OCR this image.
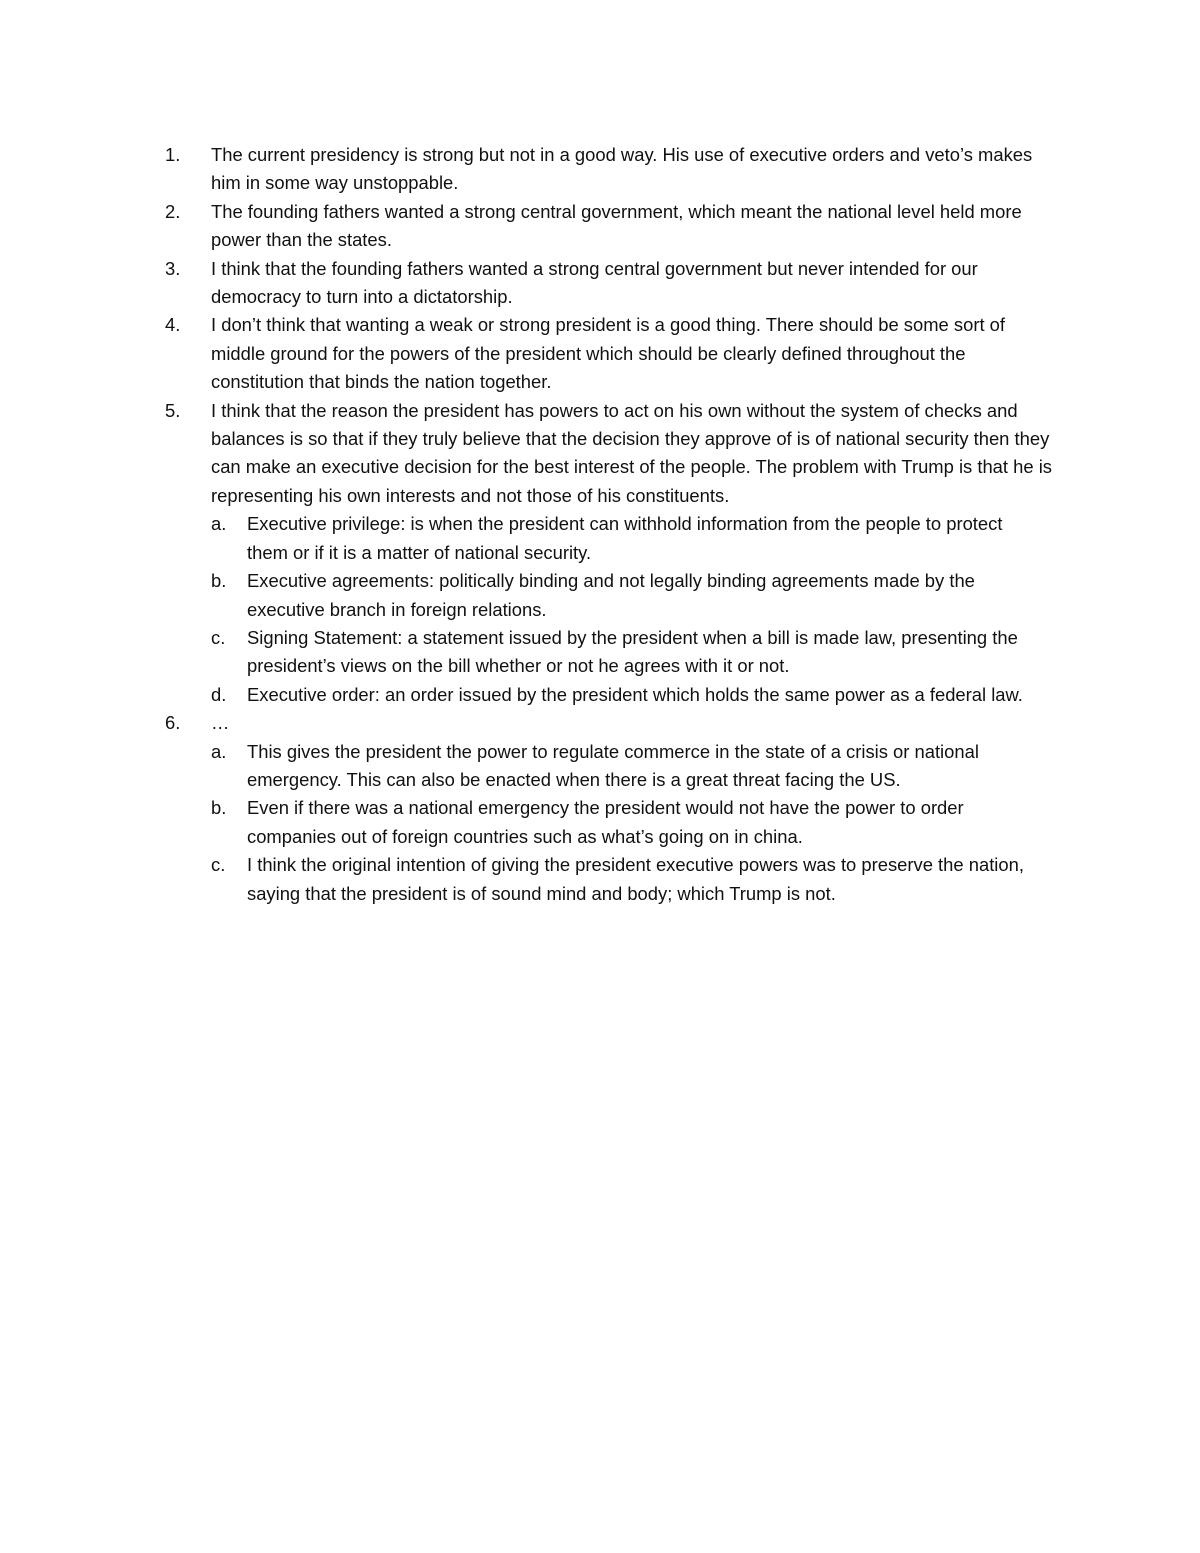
1.	The current presidency is strong but not in a good way. His use of executive orders and veto’s makes him in some way unstoppable.
2.	The founding fathers wanted a strong central government, which meant the national level held more power than the states.
3.	I think that the founding fathers wanted a strong central government but never intended for our democracy to turn into a dictatorship.
4.	I don’t think that wanting a weak or strong president is a good thing. There should be some sort of middle ground for the powers of the president which should be clearly defined throughout the constitution that binds the nation together.
5.	I think that the reason the president has powers to act on his own without the system of checks and balances is so that if they truly believe that the decision they approve of is of national security then they can make an executive decision for the best interest of the people. The problem with Trump is that he is representing his own interests and not those of his constituents.
a.	Executive privilege: is when the president can withhold information from the people to protect them or if it is a matter of national security.
b.	Executive agreements: politically binding and not legally binding agreements made by the executive branch in foreign relations.
c.	Signing Statement: a statement issued by the president when a bill is made law, presenting the president’s views on the bill whether or not he agrees with it or not.
d.	Executive order: an order issued by the president which holds the same power as a federal law.
6.	…
a.	This gives the president the power to regulate commerce in the state of a crisis or national emergency. This can also be enacted when there is a great threat facing the US.
b.	Even if there was a national emergency the president would not have the power to order companies out of foreign countries such as what’s going on in china.
c.	I think the original intention of giving the president executive powers was to preserve the nation, saying that the president is of sound mind and body; which Trump is not.
